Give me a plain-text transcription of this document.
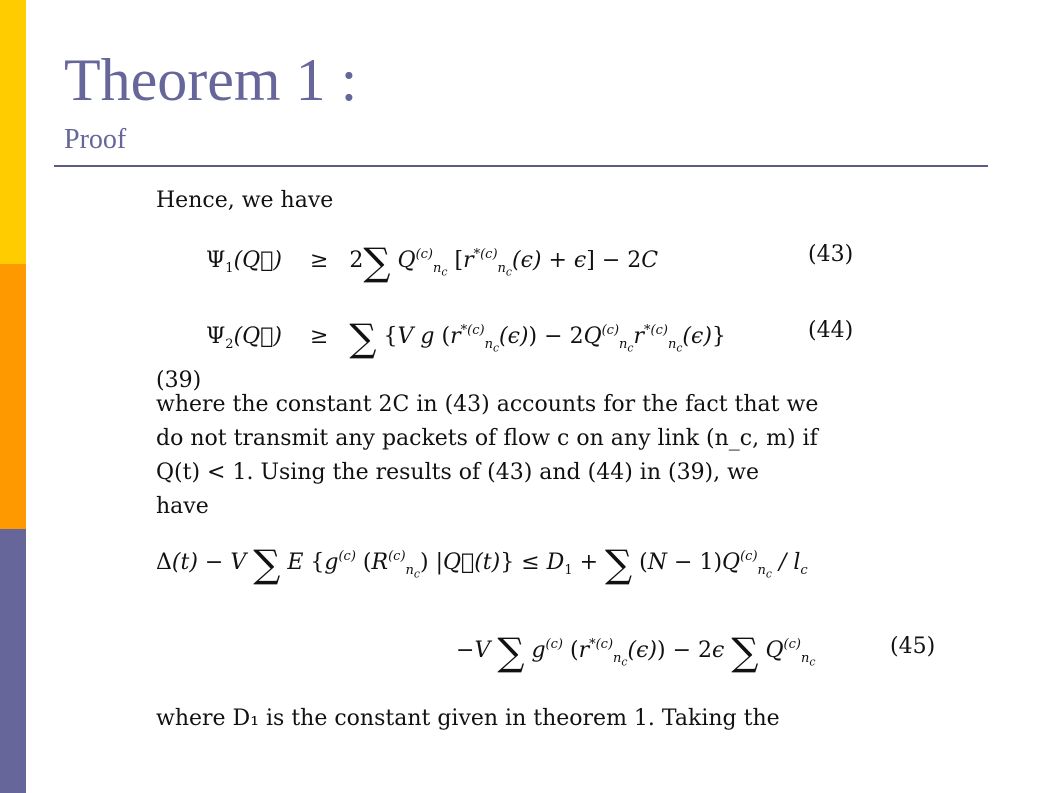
Theorem 1 :
Proof
Hence, we have
$\Psi_1(Q⃗)$    ≥ 2∑ $Q^{(c)}_{n_c}$ $[r^{*(c)}_{n_c}(\epsilon) + \epsilon] - 2C$	(43)
$\Psi_2(Q⃗)$    ≥ ∑ {V g $(r^{*(c)}_{n_c}(\epsilon)) - 2Q^{(c)}_{n_c}r^{*(c)}_{n_c}(\epsilon)$}	(44)
(39)
where the constant 2C in (43) accounts for the fact that we
do not transmit any packets of flow c on any link (n_c, m) if
Q(t) < 1. Using the results of (43) and (44) in (39), we
have
Δ(t) − V ∑ E {$g^{(c)}$ $(R^{(c)}_{n_c})$ |Q⃗(t)} ≤ $D_1$ + ∑ $(N - 1)Q^{(c)}_{n_c} / l_c$
−V ∑ $g^{(c)}$ $(r^{*(c)}_{n_c}(\epsilon)) - 2\epsilon$ ∑ $Q^{(c)}_{n_c}$
(45)
where D₁ is the constant given in theorem 1. Taking the
